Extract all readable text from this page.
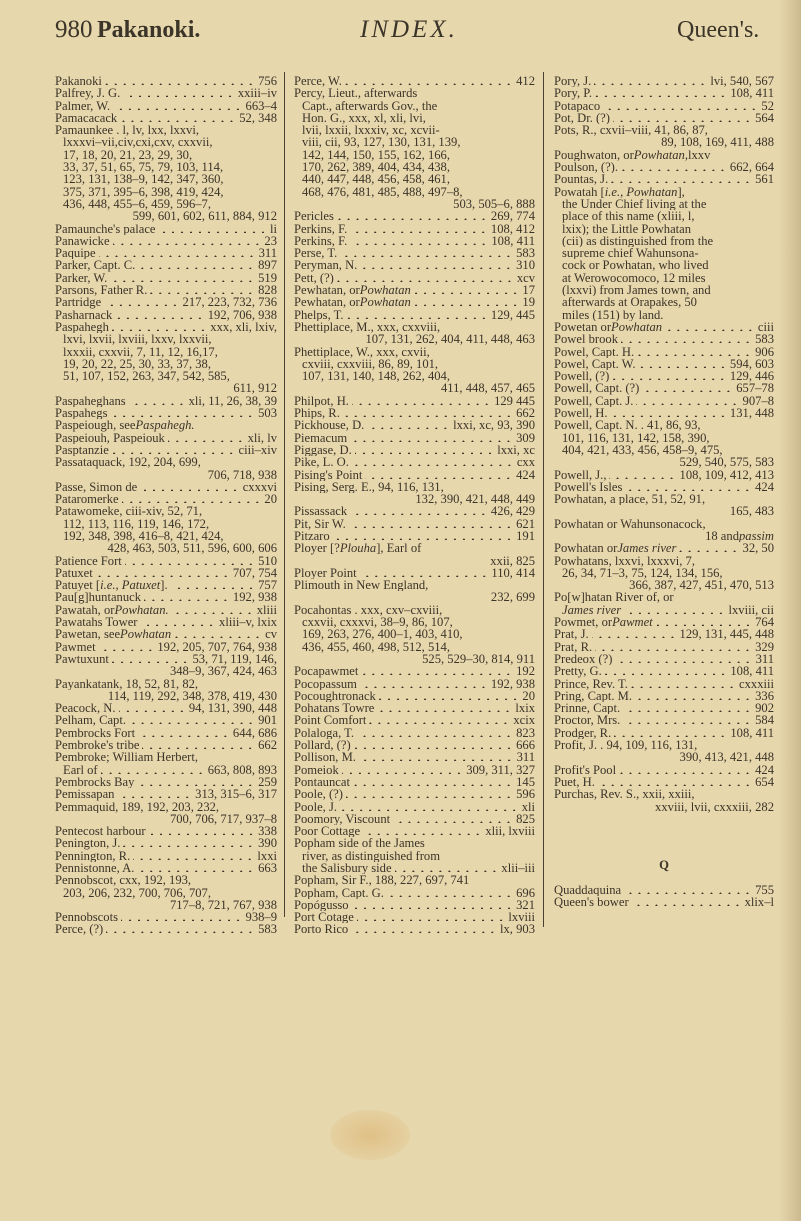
980 Pakanoki.	INDEX.	Queen's.
Pakanoki	756
Palfrey, J. G.	xxiii–iv
Palmer, W.	663–4
Pamacacack	52, 348
Pamaunkee . l, lv, lxx, lxxvi,
lxxxvi–vii,civ,cxi,cxv, cxxvii,
17, 18, 20, 21, 23, 29, 30,
33, 37, 51, 65, 75, 79, 103, 114,
123, 131, 138–9, 142, 347, 360,
375, 371, 395–6, 398, 419, 424,
436, 448, 455–6, 459, 596–7,
599, 601, 602, 611, 884, 912
Pamaunche's palace	li
Panawicke	23
Paquipe	311
Parker, Capt. C.	897
Parker, W.	519
Parsons, Father R.	828
Partridge	217, 223, 732, 736
Pasharnack	192, 706, 938
Paspahegh	xxx, xli, lxiv,
lxvi, lxvii, lxviii, lxxv, lxxvii,
lxxxii, cxxvii, 7, 11, 12, 16,17,
19, 20, 22, 25, 30, 33, 37, 38,
51, 107, 152, 263, 347, 542, 585,
611, 912
Paspaheghans	xli, 11, 26, 38, 39
Paspahegs	503
Paspeiough, see Paspahegh.
Paspeiouh, Paspeiouk	xli, lv
Pasptanzie	ciii–xiv
Passataquack, 192, 204, 699,
706, 718, 938
Passe, Simon de	cxxxvi
Pataromerke	20
Patawomeke, ciii-xiv, 52, 71,
112, 113, 116, 119, 146, 172,
192, 348, 398, 416–8, 421, 424,
428, 463, 503, 511, 596, 600, 606
Patience Fort	510
Patuxet	707, 754
Patuyet [ i.e., Patuxet ].	757
Pau[g]huntanuck	192, 938
Pawatah, or Powhatan.	xliii
Pawatahs Tower	xliii–v, lxix
Pawetan, see Powhatan	cv
Pawmet	192, 205, 707, 764, 938
Pawtuxunt	53, 71, 119, 146,
348–9, 367, 424, 463
Payankatank, 18, 52, 81, 82,
114, 119, 292, 348, 378, 419, 430
Peacock, N.	94, 131, 390, 448
Pelham, Capt.	901
Pembrocks Fort	644, 686
Pembroke's tribe	662
Pembroke; William Herbert,
Earl of	663, 808, 893
Pembrocks Bay	259
Pemissapan	313, 315–6, 317
Pemmaquid, 189, 192, 203, 232,
700, 706, 717, 937–8
Pentecost harbour	338
Penington, J.	390
Pennington, R.	lxxi
Pennistonne, A.	663
Pennobscot, cxx, 192, 193,
203, 206, 232, 700, 706, 707,
717–8, 721, 767, 938
Pennobscots	938–9
Perce, (?)	583
Perce, W.	412
Percy, Lieut., afterwards
Capt., afterwards Gov., the
Hon. G., xxx, xl, xli, lvi,
lvii, lxxii, lxxxiv, xc, xcvii-
viii, cii, 93, 127, 130, 131, 139,
142, 144, 150, 155, 162, 166,
170, 262, 389, 404, 434, 438,
440, 447, 448, 456, 458, 461,
468, 476, 481, 485, 488, 497–8,
503, 505–6, 888
Pericles	269, 774
Perkins, F.	108, 412
Perkins, F.	108, 411
Perse, T.	583
Peryman, N.	310
Pett, (?)	xcv
Pewhatan, or Powhatan	17
Pewhatan, or Powhatan	19
Phelps, T.	129, 445
Phettiplace, M., xxx, cxxviii,
107, 131, 262, 404, 411, 448, 463
Phettiplace, W., xxx, cxvii,
cxviii, cxxviii, 86, 89, 101,
107, 131, 140, 148, 262, 404,
411, 448, 457, 465
Philpot, H.	129 445
Phips, R.	662
Pickhouse, D.	lxxi, xc, 93, 390
Piemacum	309
Piggase, D.	lxxi, xc
Pike, L. O.	cxx
Pising's Point	424
Pising, Serg. E., 94, 116, 131,
132, 390, 421, 448, 449
Pissassack	426, 429
Pit, Sir W.	621
Pitzaro	191
Ployer [? Plouha ], Earl of
xxii, 825
Ployer Point	110, 414
Plimouth in New England,
232, 699
Pocahontas . xxx, cxv–cxviii,
cxxvii, cxxxvi, 38–9, 86, 107,
169, 263, 276, 400–1, 403, 410,
436, 455, 460, 498, 512, 514,
525, 529–30, 814, 911
Pocapawmet	192
Pocopassum	192, 938
Pocoughtronack	20
Pohatans Towre	lxix
Point Comfort	xcix
Polaloga, T.	823
Pollard, (?)	666
Pollison, M.	311
Pomeiok	309, 311, 327
Pontauncat	145
Poole, (?)	596
Poole, J.	xli
Poomory, Viscount	825
Poor Cottage	xlii, lxviii
Popham side of the James
river, as distinguished from
the Salisbury side	xlii–iii
Popham, Sir F., 188, 227, 697, 741
Popham, Capt. G.	696
Popógusso	321
Port Cotage	lxviii
Porto Rico	lx, 903
Pory, J.	lvi, 540, 567
Pory, P.	108, 411
Potapaco	52
Pot, Dr. (?)	564
Pots, R., cxvii–viii, 41, 86, 87,
89, 108, 169, 411, 488
Poughwaton, or Powhatan, lxxv
Poulson, (?).	662, 664
Pountas, J.	561
Powatah [ i.e., Powhatan ],
the Under Chief living at the
place of this name (xliii, l,
lxix); the Little Powhatan
(cii) as distinguished from the
supreme chief Wahunsona-
cock or Powhatan, who lived
at Werowocomoco, 12 miles
(lxxvi) from James town, and
afterwards at Orapakes, 50
miles (151) by land.
Powetan or Powhatan	ciii
Powel brook	583
Powel, Capt. H.	906
Powel, Capt. W.	594, 603
Powell, (?)	129, 446
Powell, Capt. (?)	657–78
Powell, Capt. J.	907–8
Powell, H.	131, 448
Powell, Capt. N. . 41, 86, 93,
101, 116, 131, 142, 158, 390,
404, 421, 433, 456, 458–9, 475,
529, 540, 575, 583
Powell, J.,	108, 109, 412, 413
Powell's Isles	424
Powhatan, a place, 51, 52, 91,
165, 483
Powhatan or Wahunsonacock,
18 and passim
Powhatan or James river	32, 50
Powhatans, lxxvi, lxxxvi, 7,
26, 34, 71–3, 75, 124, 134, 156,
366, 387, 427, 451, 470, 513
Po[w]hatan River of, or
James river	lxviii, cii
Powmet, or Pawmet	764
Prat, J.	129, 131, 445, 448
Prat, R.	329
Predeox (?)	311
Pretty, G.	108, 411
Prince, Rev. T.	cxxxiii
Pring, Capt. M.	336
Prinne, Capt.	902
Proctor, Mrs.	584
Prodger, R.	108, 411
Profit, J. . 94, 109, 116, 131,
390, 413, 421, 448
Profit's Pool	424
Puet, H.	654
Purchas, Rev. S., xxii, xxiii,
xxviii, lvii, cxxxiii, 282
Q
Quaddaquina	755
Queen's bower	xlix–l
